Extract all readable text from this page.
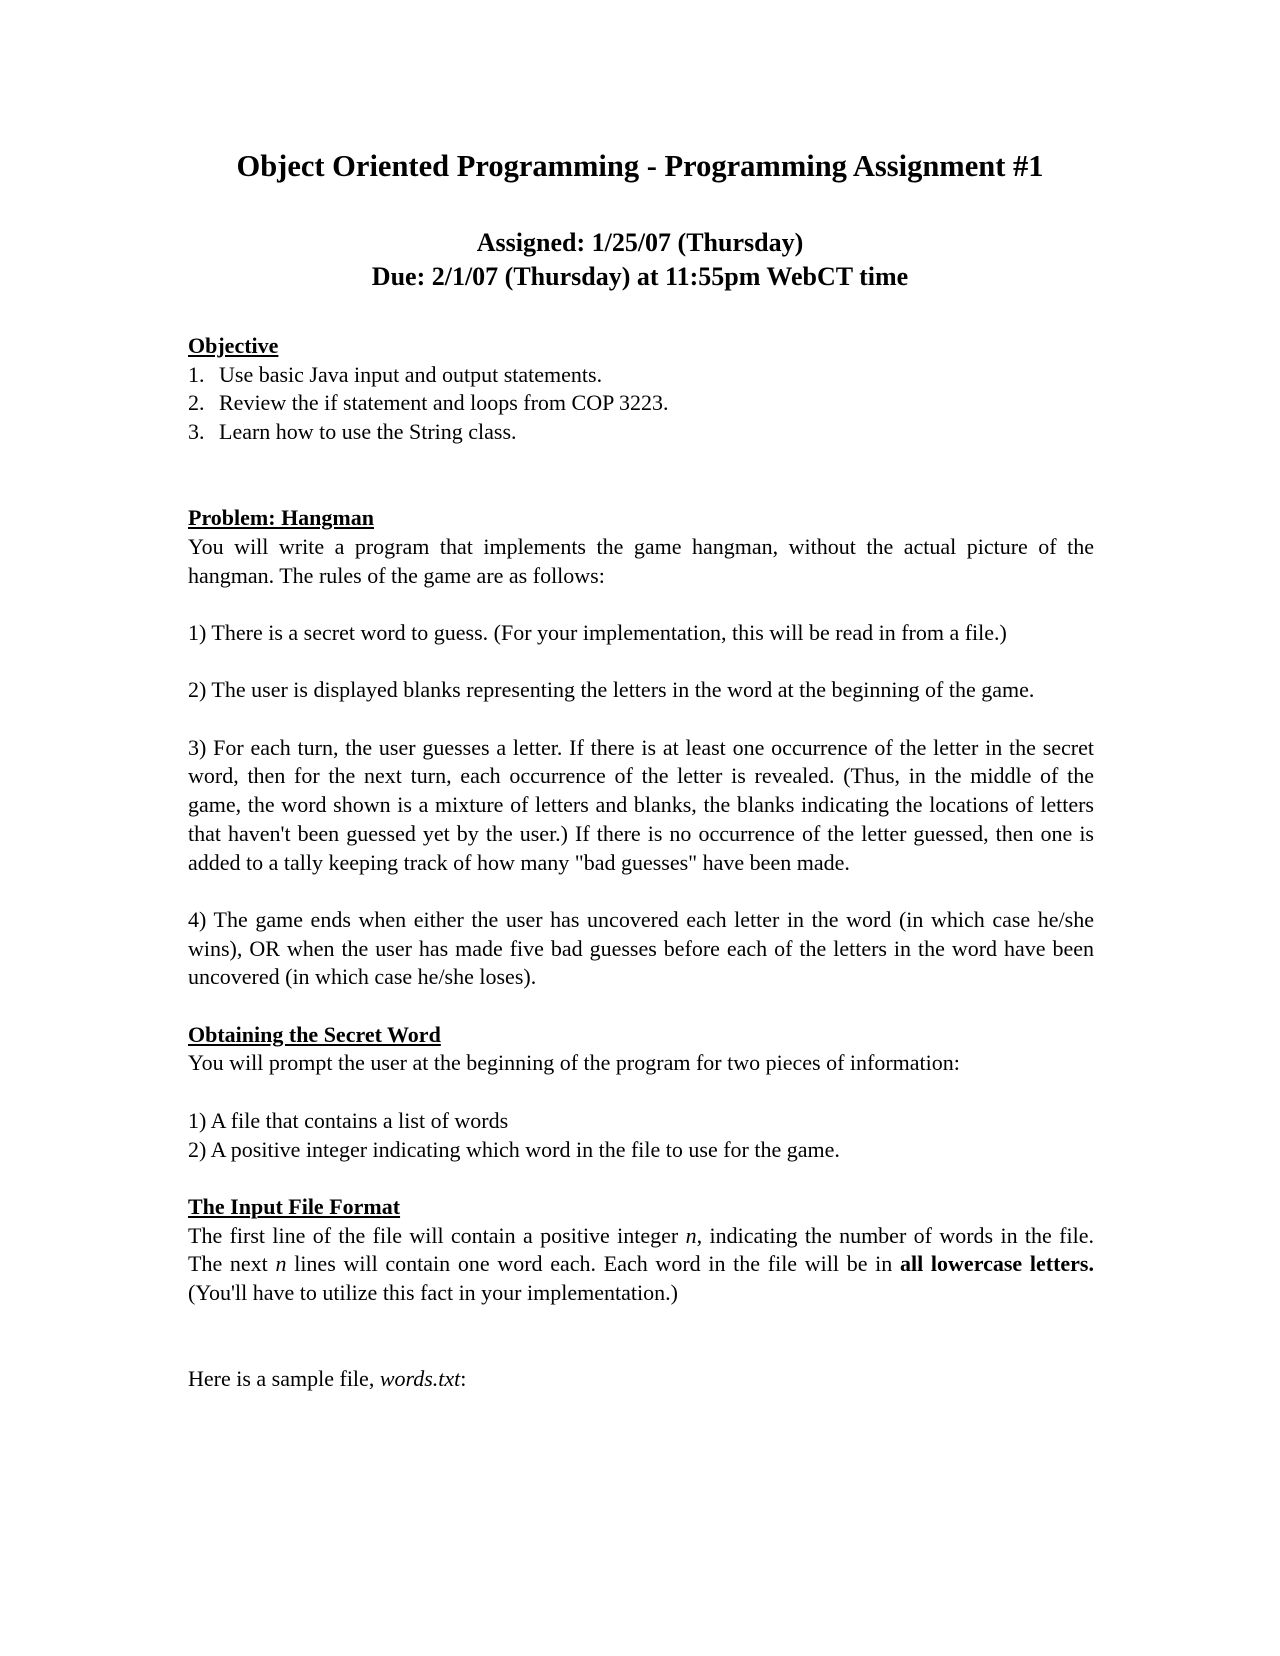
Object Oriented Programming - Programming Assignment #1
Assigned: 1/25/07 (Thursday)
Due: 2/1/07 (Thursday) at 11:55pm WebCT time
Objective
1. Use basic Java input and output statements.
2. Review the if statement and loops from COP 3223.
3. Learn how to use the String class.
Problem: Hangman

You will write a program that implements the game hangman, without the actual picture of the hangman. The rules of the game are as follows:

1) There is a secret word to guess. (For your implementation, this will be read in from a file.)

2) The user is displayed blanks representing the letters in the word at the beginning of the game.

3) For each turn, the user guesses a letter. If there is at least one occurrence of the letter in the secret word, then for the next turn, each occurrence of the letter is revealed. (Thus, in the middle of the game, the word shown is a mixture of letters and blanks, the blanks indicating the locations of letters that haven't been guessed yet by the user.) If there is no occurrence of the letter guessed, then one is added to a tally keeping track of how many "bad guesses" have been made.

4) The game ends when either the user has uncovered each letter in the word (in which case he/she wins), OR when the user has made five bad guesses before each of the letters in the word have been uncovered (in which case he/she loses).

Obtaining the Secret Word

You will prompt the user at the beginning of the program for two pieces of information:

1) A file that contains a list of words
2) A positive integer indicating which word in the file to use for the game.
The Input File Format

The first line of the file will contain a positive integer n, indicating the number of words in the file. The next n lines will contain one word each. Each word in the file will be in all lowercase letters. (You'll have to utilize this fact in your implementation.)

Here is a sample file, words.txt:
